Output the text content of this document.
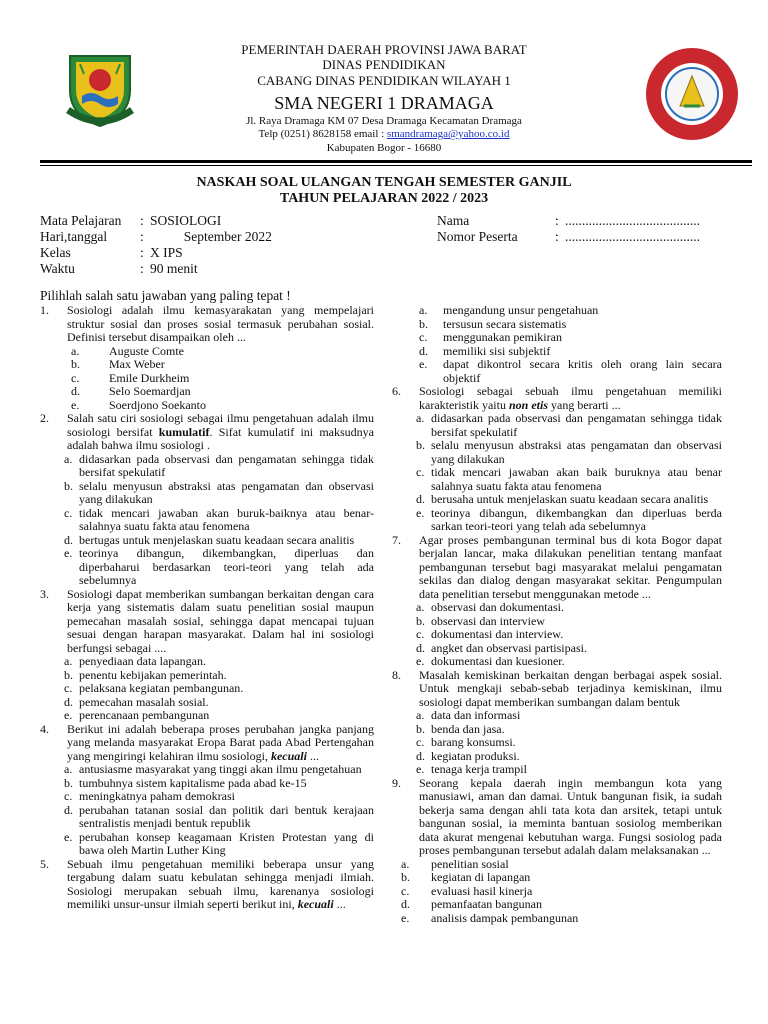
PEMERINTAH DAERAH PROVINSI JAWA BARAT
DINAS PENDIDIKAN
CABANG DINAS PENDIDIKAN WILAYAH 1
SMA NEGERI 1 DRAMAGA
Jl. Raya Dramaga KM 07 Desa Dramaga Kecamatan Dramaga
Telp (0251) 8628158 email : smandramaga@yahoo.co.id
Kabupaten Bogor - 16680
NASKAH SOAL ULANGAN TENGAH SEMESTER GANJIL
TAHUN PELAJARAN 2022 / 2023
Mata Pelajaran	: SOSIOLOGI
Hari,tanggal	: September 2022
Kelas	: X IPS
Waktu	: 90 menit
Nama	: ........................................
Nomor Peserta	: ........................................
Pilihlah salah satu jawaban yang paling tepat !
1. Sosiologi adalah ilmu kemasyarakatan yang mempelajari struktur sosial dan proses sosial termasuk perubahan sosial. Definisi tersebut disampaikan oleh ...
a. Auguste Comte
b. Max Weber
c. Emile Durkheim
d. Selo Soemardjan
e. Soerdjono Soekanto
2. Salah satu ciri sosiologi sebagai ilmu pengetahuan adalah ilmu sosiologi bersifat kumulatif. Sifat kumulatif ini maksudnya adalah bahwa ilmu sosiologi .
a. didasarkan pada observasi dan pengamatan sehingga tidak bersifat spekulatif
b. selalu menyusun abstraksi atas pengamatan dan observasi yang dilakukan
c. tidak mencari jawaban akan buruk-baiknya atau benar-salahnya suatu fakta atau fenomena
d. bertugas untuk menjelaskan suatu keadaan secara analitis
e. teorinya dibangun, dikembangkan, diperluas dan diperbaharui berdasarkan teori-teori yang telah ada sebelumnya
3. Sosiologi dapat memberikan sumbangan berkaitan dengan cara kerja yang sistematis dalam suatu penelitian sosial maupun pemecahan masalah sosial, sehingga dapat mencapai tujuan sesuai dengan harapan masyarakat. Dalam hal ini sosiologi berfungsi sebagai ....
a. penyediaan data lapangan.
b. penentu kebijakan pemerintah.
c. pelaksana kegiatan pembangunan.
d. pemecahan masalah sosial.
e. perencanaan pembangunan
4. Berikut ini adalah beberapa proses perubahan jangka panjang yang melanda masyarakat Eropa Barat pada Abad Pertengahan yang mengiringi kelahiran ilmu sosiologi, kecuali ...
a. antusiasme masyarakat yang tinggi akan ilmu pengetahuan
b. tumbuhnya sistem kapitalisme pada abad ke-15
c. meningkatnya paham demokrasi
d. perubahan tatanan sosial dan politik dari bentuk kerajaan sentralistis menjadi bentuk republik
e. perubahan konsep keagamaan Kristen Protestan yang di bawa oleh Martin Luther King
5. Sebuah ilmu pengetahuan memiliki beberapa unsur yang tergabung dalam suatu kebulatan sehingga menjadi ilmiah. Sosiologi merupakan sebuah ilmu, karenanya sosiologi memiliki unsur-unsur ilmiah seperti berikut ini, kecuali ...
a. mengandung unsur pengetahuan
b. tersusun secara sistematis
c. menggunakan pemikiran
d. memiliki sisi subjektif
e. dapat dikontrol secara kritis oleh orang lain secara objektif
6. Sosiologi sebagai sebuah ilmu pengetahuan memiliki karakteristik yaitu non etis yang berarti ...
a. didasarkan pada observasi dan pengamatan sehingga tidak bersifat spekulatif
b. selalu menyusun abstraksi atas pengamatan dan observasi yang dilakukan
c. tidak mencari jawaban akan baik buruknya atau benar salahnya suatu fakta atau fenomena
d. berusaha untuk menjelaskan suatu keadaan secara analitis
e. teorinya dibangun, dikembangkan dan diperluas berda sarkan teori-teori yang telah ada sebelumnya
7. Agar proses pembangunan terminal bus di kota Bogor dapat berjalan lancar, maka dilakukan penelitian tentang manfaat pembangunan tersebut bagi masyarakat melalui pengamatan sekilas dan dialog dengan masyarakat sekitar. Pengumpulan data penelitian tersebut menggunakan metode ...
a. observasi dan dokumentasi.
b. observasi dan interview
c. dokumentasi dan interview.
d. angket dan observasi partisipasi.
e. dokumentasi dan kuesioner.
8. Masalah kemiskinan berkaitan dengan berbagai aspek sosial. Untuk mengkaji sebab-sebab terjadinya kemiskinan, ilmu sosiologi dapat memberikan sumbangan dalam bentuk
a. data dan informasi
b. benda dan jasa.
c. barang konsumsi.
d. kegiatan produksi.
e. tenaga kerja trampil
9. Seorang kepala daerah ingin membangun kota yang manusiawi, aman dan damai. Untuk bangunan fisik, ia sudah bekerja sama dengan ahli tata kota dan arsitek, tetapi untuk bangunan sosial, ia meminta bantuan sosiolog memberikan data akurat mengenai kebutuhan warga. Fungsi sosiolog pada proses pembangunan tersebut adalah dalam melaksanakan ...
a. penelitian sosial
b. kegiatan di lapangan
c. evaluasi hasil kinerja
d. pemanfaatan bangunan
e. analisis dampak pembangunan
